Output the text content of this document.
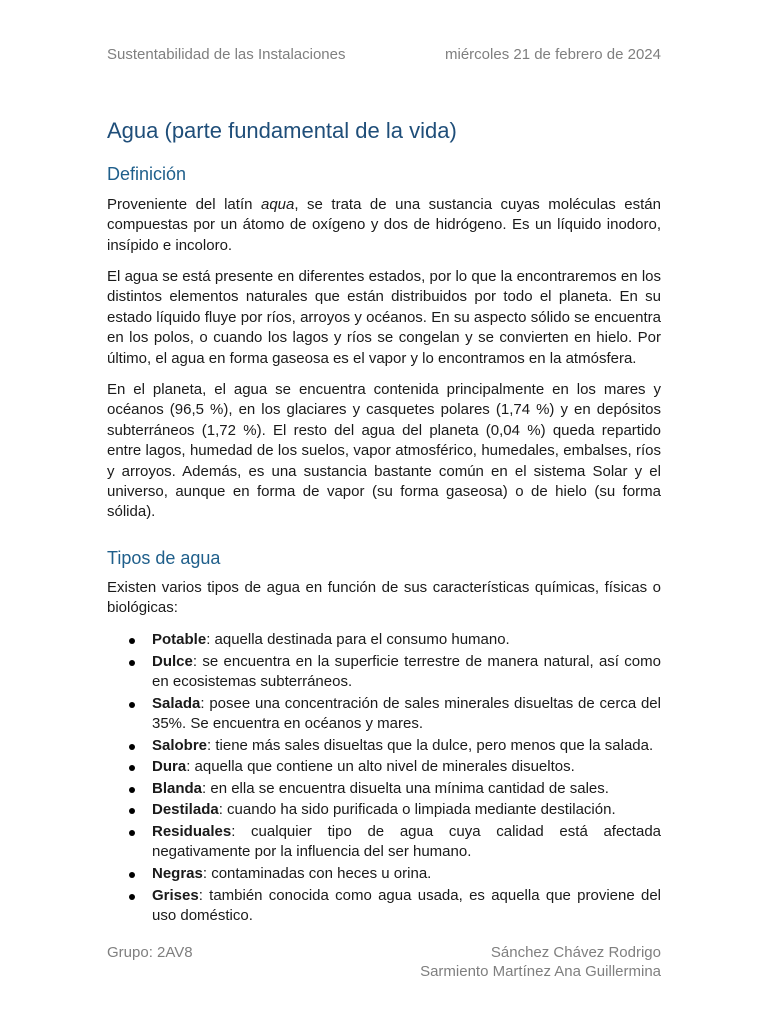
Sustentabilidad de las Instalaciones	miércoles 21 de febrero de 2024
Agua (parte fundamental de la vida)
Definición

Proveniente del latín aqua, se trata de una sustancia cuyas moléculas están compuestas por un átomo de oxígeno y dos de hidrógeno. Es un líquido inodoro, insípido e incoloro.

El agua se está presente en diferentes estados, por lo que la encontraremos en los distintos elementos naturales que están distribuidos por todo el planeta. En su estado líquido fluye por ríos, arroyos y océanos. En su aspecto sólido se encuentra en los polos, o cuando los lagos y ríos se congelan y se convierten en hielo. Por último, el agua en forma gaseosa es el vapor y lo encontramos en la atmósfera.

En el planeta, el agua se encuentra contenida principalmente en los mares y océanos (96,5 %), en los glaciares y casquetes polares (1,74 %) y en depósitos subterráneos (1,72 %). El resto del agua del planeta (0,04 %) queda repartido entre lagos, humedad de los suelos, vapor atmosférico, humedales, embalses, ríos y arroyos. Además, es una sustancia bastante común en el sistema Solar y el universo, aunque en forma de vapor (su forma gaseosa) o de hielo (su forma sólida).

Tipos de agua

Existen varios tipos de agua en función de sus características químicas, físicas o biológicas:

Potable: aquella destinada para el consumo humano.
Dulce: se encuentra en la superficie terrestre de manera natural, así como en ecosistemas subterráneos.
Salada: posee una concentración de sales minerales disueltas de cerca del 35%. Se encuentra en océanos y mares.
Salobre: tiene más sales disueltas que la dulce, pero menos que la salada.
Dura: aquella que contiene un alto nivel de minerales disueltos.
Blanda: en ella se encuentra disuelta una mínima cantidad de sales.
Destilada: cuando ha sido purificada o limpiada mediante destilación.
Residuales: cualquier tipo de agua cuya calidad está afectada negativamente por la influencia del ser humano.
Negras: contaminadas con heces u orina.
Grises: también conocida como agua usada, es aquella que proviene del uso doméstico.
Grupo: 2AV8	Sánchez Chávez Rodrigo
Sarmiento Martínez Ana Guillermina
